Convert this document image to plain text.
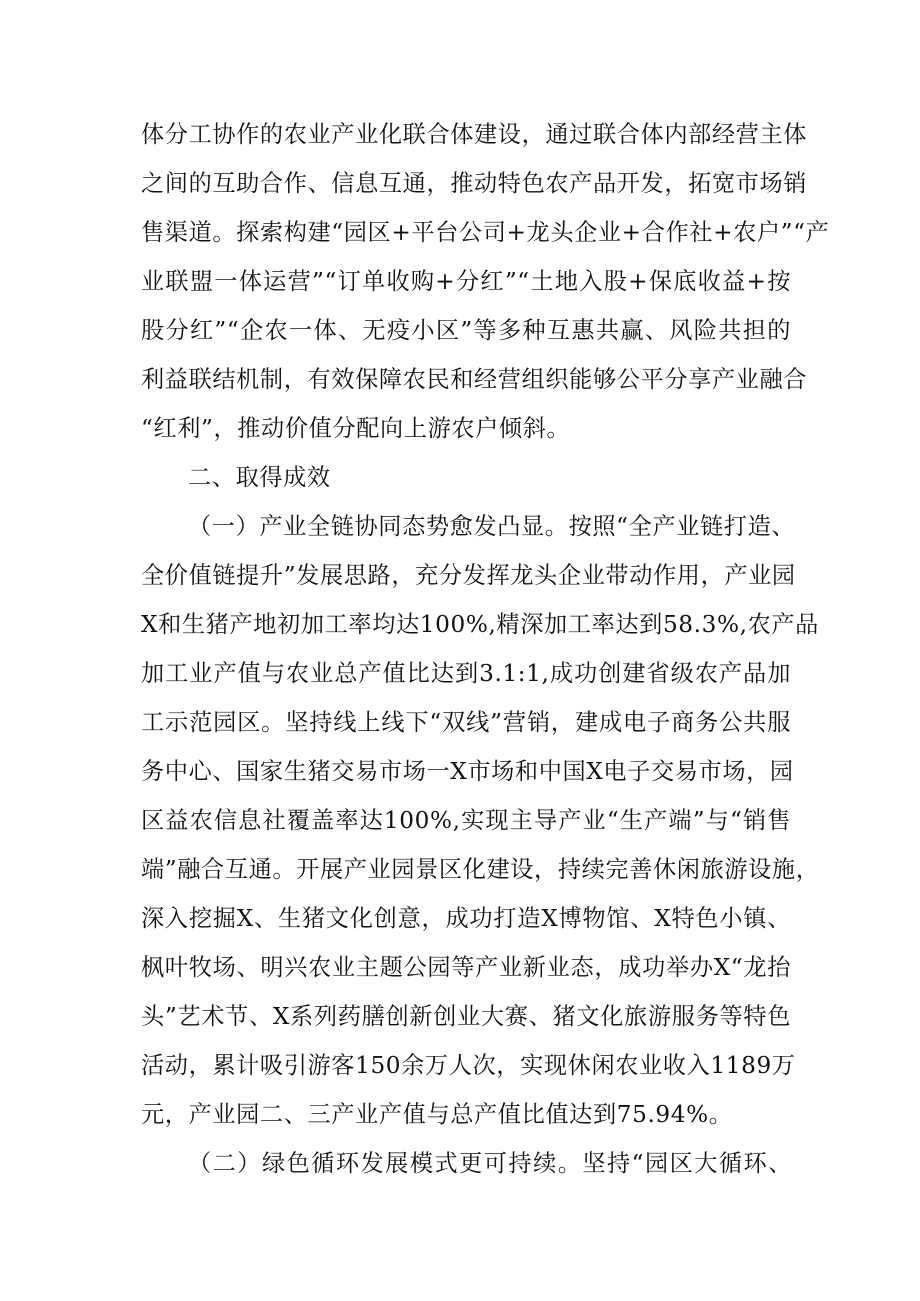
体分工协作的农业产业化联合体建设，通过联合体内部经营主体
之间的互助合作、信息互通，推动特色农产品开发，拓宽市场销
售渠道。探索构建“园区+平台公司+龙头企业+合作社+农户”“产
业联盟一体运营”“订单收购+分红”“土地入股+保底收益+按
股分红”“企农一体、无疫小区”等多种互惠共赢、风险共担的
利益联结机制，有效保障农民和经营组织能够公平分享产业融合
“红利”，推动价值分配向上游农户倾斜。
二、取得成效
（一）产业全链协同态势愈发凸显。按照“全产业链打造、
全价值链提升”发展思路，充分发挥龙头企业带动作用，产业园
X和生猪产地初加工率均达100%,精深加工率达到58.3%,农产品
加工业产值与农业总产值比达到3.1:1,成功创建省级农产品加
工示范园区。坚持线上线下“双线”营销，建成电子商务公共服
务中心、国家生猪交易市场一X市场和中国X电子交易市场，园
区益农信息社覆盖率达100%,实现主导产业“生产端”与“销售
端”融合互通。开展产业园景区化建设，持续完善休闲旅游设施，
深入挖掘X、生猪文化创意，成功打造X博物馆、X特色小镇、
枫叶牧场、明兴农业主题公园等产业新业态，成功举办X“龙抬
头”艺术节、X系列药膳创新创业大赛、猪文化旅游服务等特色
活动，累计吸引游客150余万人次，实现休闲农业收入1189万
元，产业园二、三产业产值与总产值比值达到75.94%。
（二）绿色循环发展模式更可持续。坚持“园区大循环、
